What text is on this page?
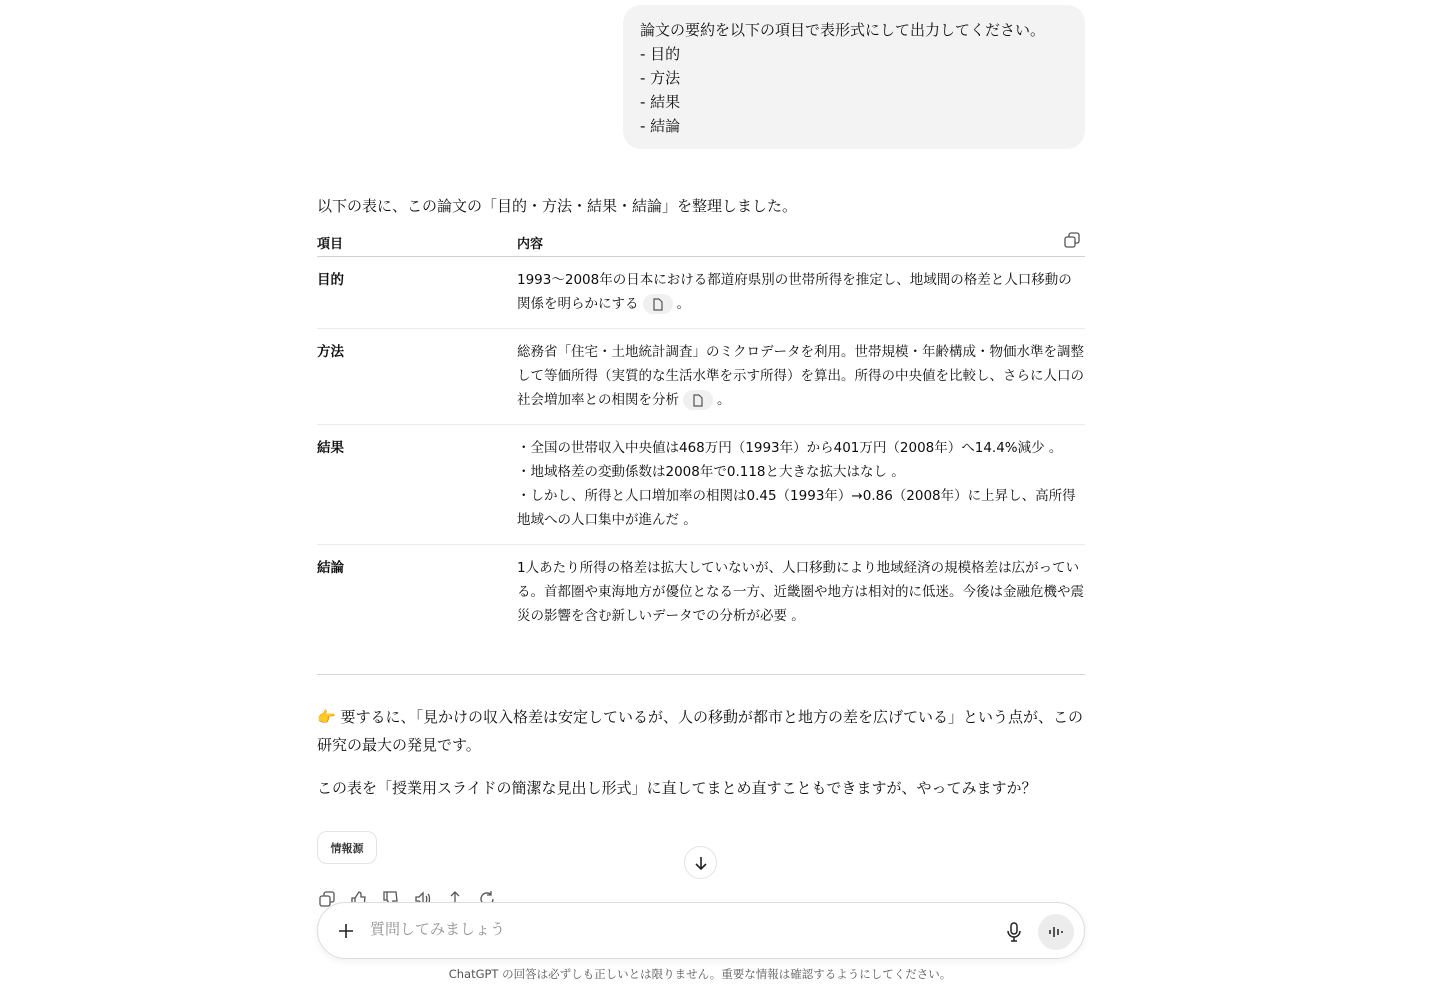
論文の要約を以下の項目で表形式にして出力してください。
- 目的
- 方法
- 結果
- 結論
以下の表に、この論文の「目的・方法・結果・結論」を整理しました。
項目	内容
目的	1993〜2008年の日本における都道府県別の世帯所得を推定し、地域間の格差と人口移動の関係を明らかにする	。
方法	総務省「住宅・土地統計調査」のミクロデータを利用。世帯規模・年齢構成・物価水準を調整して等価所得（実質的な生活水準を示す所得）を算出。所得の中央値を比較し、さらに人口の社会増加率との相関を分析	。
結果	・全国の世帯収入中央値は468万円（1993年）から401万円（2008年）へ14.4%減少 。
・地域格差の変動係数は2008年で0.118と大きな拡大はなし 。
・しかし、所得と人口増加率の相関は0.45（1993年）→0.86（2008年）に上昇し、高所得地域への人口集中が進んだ 。
結論	1人あたり所得の格差は拡大していないが、人口移動により地域経済の規模格差は広がっている。首都圏や東海地方が優位となる一方、近畿圏や地方は相対的に低迷。今後は金融危機や震災の影響を含む新しいデータでの分析が必要 。
👉 要するに、「見かけの収入格差は安定しているが、人の移動が都市と地方の差を広げている」という点が、この研究の最大の発見です。
この表を「授業用スライドの簡潔な見出し形式」に直してまとめ直すこともできますが、やってみますか？
情報源
質問してみましょう
ChatGPT の回答は必ずしも正しいとは限りません。重要な情報は確認するようにしてください。
